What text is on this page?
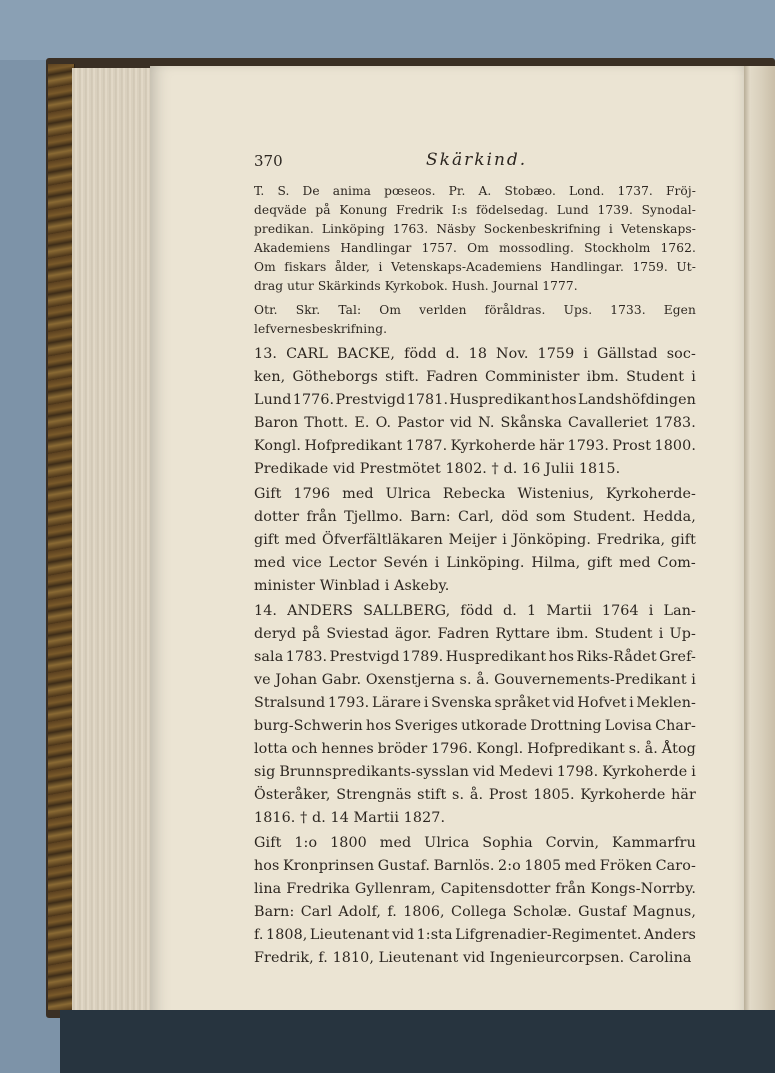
370	Skärkind.
T. S. De anima pœseos. Pr. A. Stobæo. Lond. 1737. Fröj-
deqväde på Konung Fredrik I:s födelsedag. Lund 1739. Synodal-
predikan. Linköping 1763. Näsby Sockenbeskrifning i Vetenskaps-
Akademiens Handlingar 1757. Om mossodling. Stockholm 1762.
Om fiskars ålder, i Vetenskaps-Academiens Handlingar. 1759. Ut-
drag utur Skärkinds Kyrkobok. Hush. Journal 1777.
Otr. Skr. Tal: Om verlden föråldras. Ups. 1733. Egen
lefvernesbeskrifning.
13. CARL BACKE, född d. 18 Nov. 1759 i Gällstad soc-
ken, Götheborgs stift. Fadren Comminister ibm. Student i
Lund 1776. Prestvigd 1781. Huspredikant hos Landshöfdingen
Baron Thott. E. O. Pastor vid N. Skånska Cavalleriet 1783.
Kongl. Hofpredikant 1787. Kyrkoherde här 1793. Prost 1800.
Predikade vid Prestmötet 1802. † d. 16 Julii 1815.
Gift 1796 med Ulrica Rebecka Wistenius, Kyrkoherde-
dotter från Tjellmo. Barn: Carl, död som Student. Hedda,
gift med Öfverfältläkaren Meijer i Jönköping. Fredrika, gift
med vice Lector Sevén i Linköping. Hilma, gift med Com-
minister Winblad i Askeby.
14. ANDERS SALLBERG, född d. 1 Martii 1764 i Lan-
deryd på Sviestad ägor. Fadren Ryttare ibm. Student i Up-
sala 1783. Prestvigd 1789. Huspredikant hos Riks-Rådet Gref-
ve Johan Gabr. Oxenstjerna s. å. Gouvernements-Predikant i
Stralsund 1793. Lärare i Svenska språket vid Hofvet i Meklen-
burg-Schwerin hos Sveriges utkorade Drottning Lovisa Char-
lotta och hennes bröder 1796. Kongl. Hofpredikant s. å. Åtog
sig Brunnspredikants-sysslan vid Medevi 1798. Kyrkoherde i
Österåker, Strengnäs stift s. å. Prost 1805. Kyrkoherde här
1816. † d. 14 Martii 1827.
Gift 1:o 1800 med Ulrica Sophia Corvin, Kammarfru
hos Kronprinsen Gustaf. Barnlös. 2:o 1805 med Fröken Caro-
lina Fredrika Gyllenram, Capitensdotter från Kongs-Norrby.
Barn: Carl Adolf, f. 1806, Collega Scholæ. Gustaf Magnus,
f. 1808, Lieutenant vid 1:sta Lifgrenadier-Regimentet. Anders
Fredrik, f. 1810, Lieutenant vid Ingenieurcorpsen. Carolina
